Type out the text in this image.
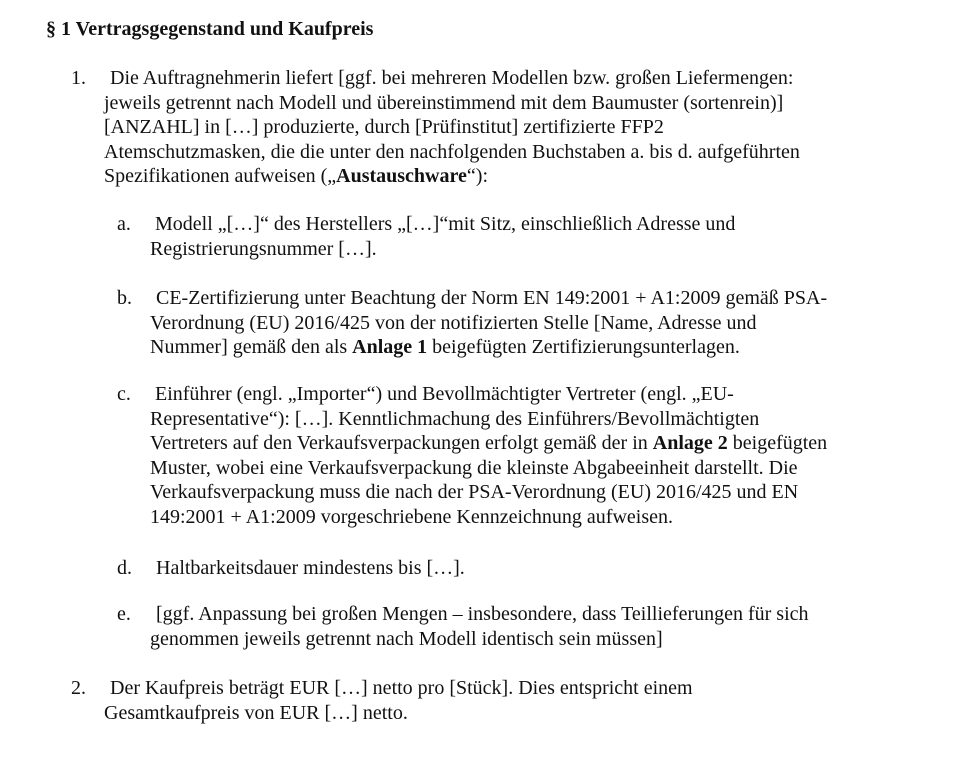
§ 1 Vertragsgegenstand und Kaufpreis
1. Die Auftragnehmerin liefert [ggf. bei mehreren Modellen bzw. großen Liefermengen:
jeweils getrennt nach Modell und übereinstimmend mit dem Baumuster (sortenrein)]
[ANZAHL] in […] produzierte, durch [Prüfinstitut] zertifizierte FFP2
Atemschutzmasken, die die unter den nachfolgenden Buchstaben a. bis d. aufgeführten
Spezifikationen aufweisen („Austauschware“):
a. Modell „[…]“ des Herstellers „[…]“mit Sitz, einschließlich Adresse und
Registrierungsnummer […].
b. CE-Zertifizierung unter Beachtung der Norm EN 149:2001 + A1:2009 gemäß PSA-
Verordnung (EU) 2016/425 von der notifizierten Stelle [Name, Adresse und
Nummer] gemäß den als Anlage 1 beigefügten Zertifizierungsunterlagen.
c. Einführer (engl. „Importer“) und Bevollmächtigter Vertreter (engl. „EU-
Representative“): […]. Kenntlichmachung des Einführers/Bevollmächtigten
Vertreters auf den Verkaufsverpackungen erfolgt gemäß der in Anlage 2 beigefügten
Muster, wobei eine Verkaufsverpackung die kleinste Abgabeeinheit darstellt. Die
Verkaufsverpackung muss die nach der PSA-Verordnung (EU) 2016/425 und EN
149:2001 + A1:2009 vorgeschriebene Kennzeichnung aufweisen.
d. Haltbarkeitsdauer mindestens bis […].
e. [ggf. Anpassung bei großen Mengen – insbesondere, dass Teillieferungen für sich
genommen jeweils getrennt nach Modell identisch sein müssen]
2. Der Kaufpreis beträgt EUR […] netto pro [Stück]. Dies entspricht einem
Gesamtkaufpreis von EUR […] netto.
